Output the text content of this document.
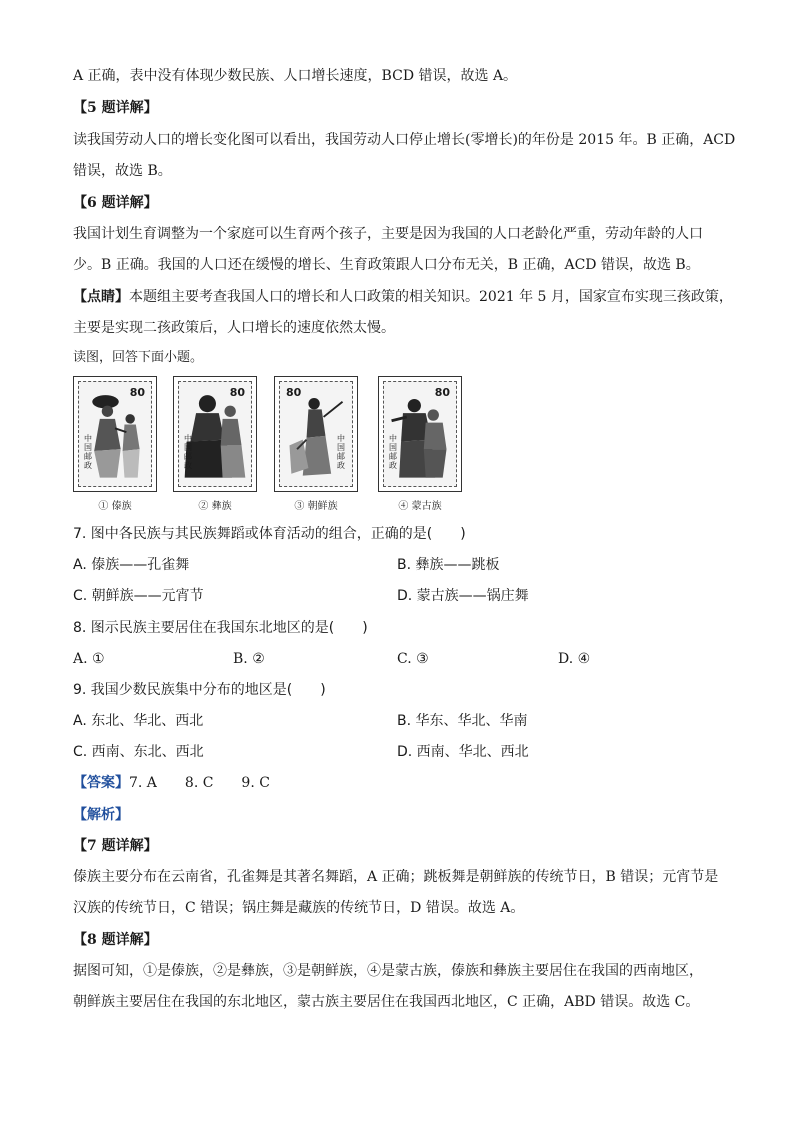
A 正确，表中没有体现少数民族、人口增长速度，BCD 错误，故选 A。
【5 题详解】
读我国劳动人口的增长变化图可以看出，我国劳动人口停止增长(零增长)的年份是 2015 年。B 正确，ACD
错误，故选 B。
【6 题详解】
我国计划生育调整为一个家庭可以生育两个孩子，主要是因为我国的人口老龄化严重，劳动年龄的人口
少。B 正确。我国的人口还在缓慢的增长、生育政策跟人口分布无关，B 正确，ACD 错误，故选 B。
【点睛】本题组主要考查我国人口的增长和人口政策的相关知识。2021 年 5 月，国家宣布实现三孩政策，
主要是实现二孩政策后，人口增长的速度依然太慢。
读图，回答下面小题。
80
中国邮政
80
中国邮政
80
中国邮政
80
中国邮政
① 傣族	② 彝族	③ 朝鲜族	④ 蒙古族
7. 图中各民族与其民族舞蹈或体育活动的组合，正确的是(　　)
A. 傣族——孔雀舞	B. 彝族——跳板
C. 朝鲜族——元宵节	D. 蒙古族——锅庄舞
8. 图示民族主要居住在我国东北地区的是(　　)
A. ①	B. ②	C. ③	D. ④
9. 我国少数民族集中分布的地区是(　　)
A. 东北、华北、西北	B. 华东、华北、华南
C. 西南、东北、西北	D. 西南、华北、西北
【答案】7. A　　8. C　　9. C
【解析】
【7 题详解】
傣族主要分布在云南省，孔雀舞是其著名舞蹈，A 正确；跳板舞是朝鲜族的传统节日，B 错误；元宵节是
汉族的传统节日，C 错误；锅庄舞是藏族的传统节日，D 错误。故选 A。
【8 题详解】
据图可知，①是傣族，②是彝族，③是朝鲜族，④是蒙古族，傣族和彝族主要居住在我国的西南地区，
朝鲜族主要居住在我国的东北地区，蒙古族主要居住在我国西北地区，C 正确，ABD 错误。故选 C。
